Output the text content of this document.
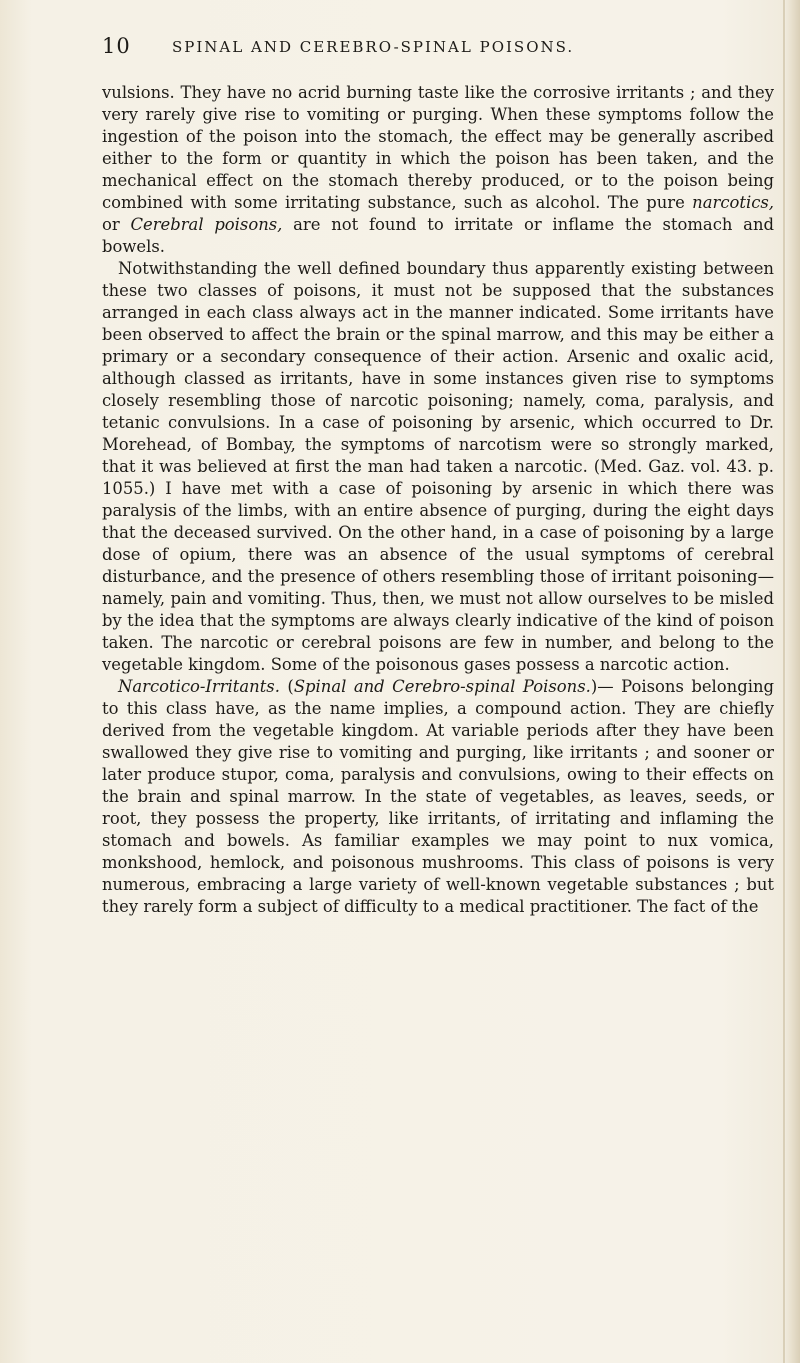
10	SPINAL AND CEREBRO-SPINAL POISONS.

vulsions. They have no acrid burning taste like the corrosive irritants ; and they very rarely give rise to vomiting or purging. When these symptoms follow the ingestion of the poison into the stomach, the effect may be generally ascribed either to the form or quantity in which the poison has been taken, and the mechanical effect on the stomach thereby produced, or to the poison being combined with some irritating substance, such as alcohol. The pure narcotics, or Cerebral poisons, are not found to irritate or inflame the stomach and bowels.

Notwithstanding the well defined boundary thus apparently existing between these two classes of poisons, it must not be supposed that the substances arranged in each class always act in the manner indicated. Some irritants have been observed to affect the brain or the spinal marrow, and this may be either a primary or a secondary consequence of their action. Arsenic and oxalic acid, although classed as irritants, have in some instances given rise to symptoms closely resembling those of narcotic poisoning; namely, coma, paralysis, and tetanic convulsions. In a case of poisoning by arsenic, which occurred to Dr. Morehead, of Bombay, the symptoms of narcotism were so strongly marked, that it was believed at first the man had taken a narcotic. (Med. Gaz. vol. 43. p. 1055.) I have met with a case of poisoning by arsenic in which there was paralysis of the limbs, with an entire absence of purging, during the eight days that the deceased survived. On the other hand, in a case of poisoning by a large dose of opium, there was an absence of the usual symptoms of cerebral disturbance, and the presence of others resembling those of irritant poisoning—namely, pain and vomiting. Thus, then, we must not allow ourselves to be misled by the idea that the symptoms are always clearly indicative of the kind of poison taken. The narcotic or cerebral poisons are few in number, and belong to the vegetable kingdom. Some of the poisonous gases possess a narcotic action.

Narcotico-Irritants. (Spinal and Cerebro-spinal Poisons.)— Poisons belonging to this class have, as the name implies, a compound action. They are chiefly derived from the vegetable kingdom. At variable periods after they have been swallowed they give rise to vomiting and purging, like irritants ; and sooner or later produce stupor, coma, paralysis and convulsions, owing to their effects on the brain and spinal marrow. In the state of vegetables, as leaves, seeds, or root, they possess the property, like irritants, of irritating and inflaming the stomach and bowels. As familiar examples we may point to nux vomica, monkshood, hemlock, and poisonous mushrooms. This class of poisons is very numerous, embracing a large variety of well-known vegetable substances ; but they rarely form a subject of difficulty to a medical practitioner. The fact of the
